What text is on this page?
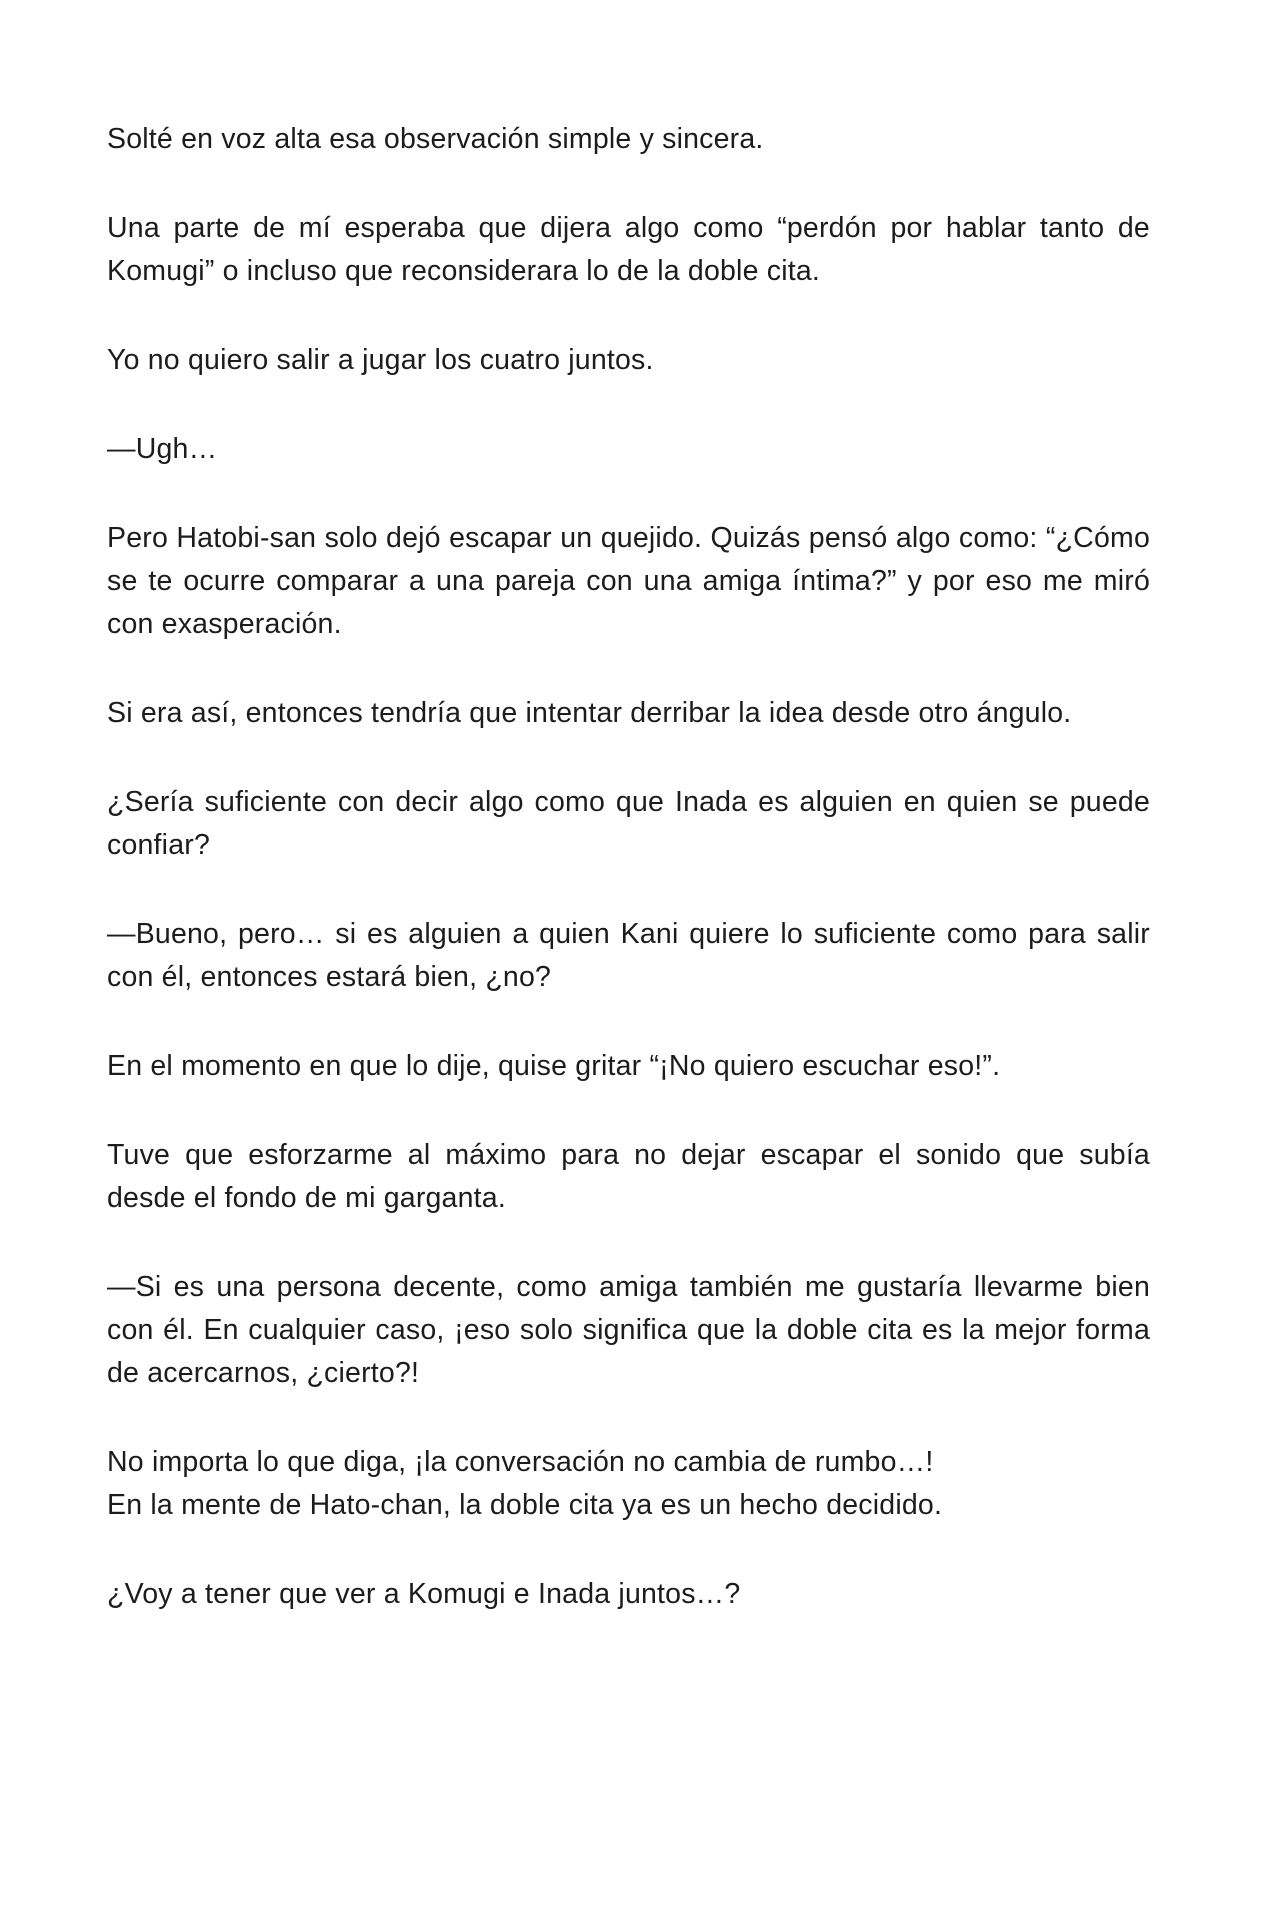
Solté en voz alta esa observación simple y sincera.

Una parte de mí esperaba que dijera algo como “perdón por hablar tanto de Komugi” o incluso que reconsiderara lo de la doble cita.

Yo no quiero salir a jugar los cuatro juntos.

—Ugh…

Pero Hatobi-san solo dejó escapar un quejido. Quizás pensó algo como: “¿Cómo se te ocurre comparar a una pareja con una amiga íntima?” y por eso me miró con exasperación.

Si era así, entonces tendría que intentar derribar la idea desde otro ángulo.

¿Sería suficiente con decir algo como que Inada es alguien en quien se puede confiar?

—Bueno, pero… si es alguien a quien Kani quiere lo suficiente como para salir con él, entonces estará bien, ¿no?

En el momento en que lo dije, quise gritar “¡No quiero escuchar eso!”.

Tuve que esforzarme al máximo para no dejar escapar el sonido que subía desde el fondo de mi garganta.

—Si es una persona decente, como amiga también me gustaría llevarme bien con él. En cualquier caso, ¡eso solo significa que la doble cita es la mejor forma de acercarnos, ¿cierto?!

No importa lo que diga, ¡la conversación no cambia de rumbo…!
En la mente de Hato-chan, la doble cita ya es un hecho decidido.

¿Voy a tener que ver a Komugi e Inada juntos…?
